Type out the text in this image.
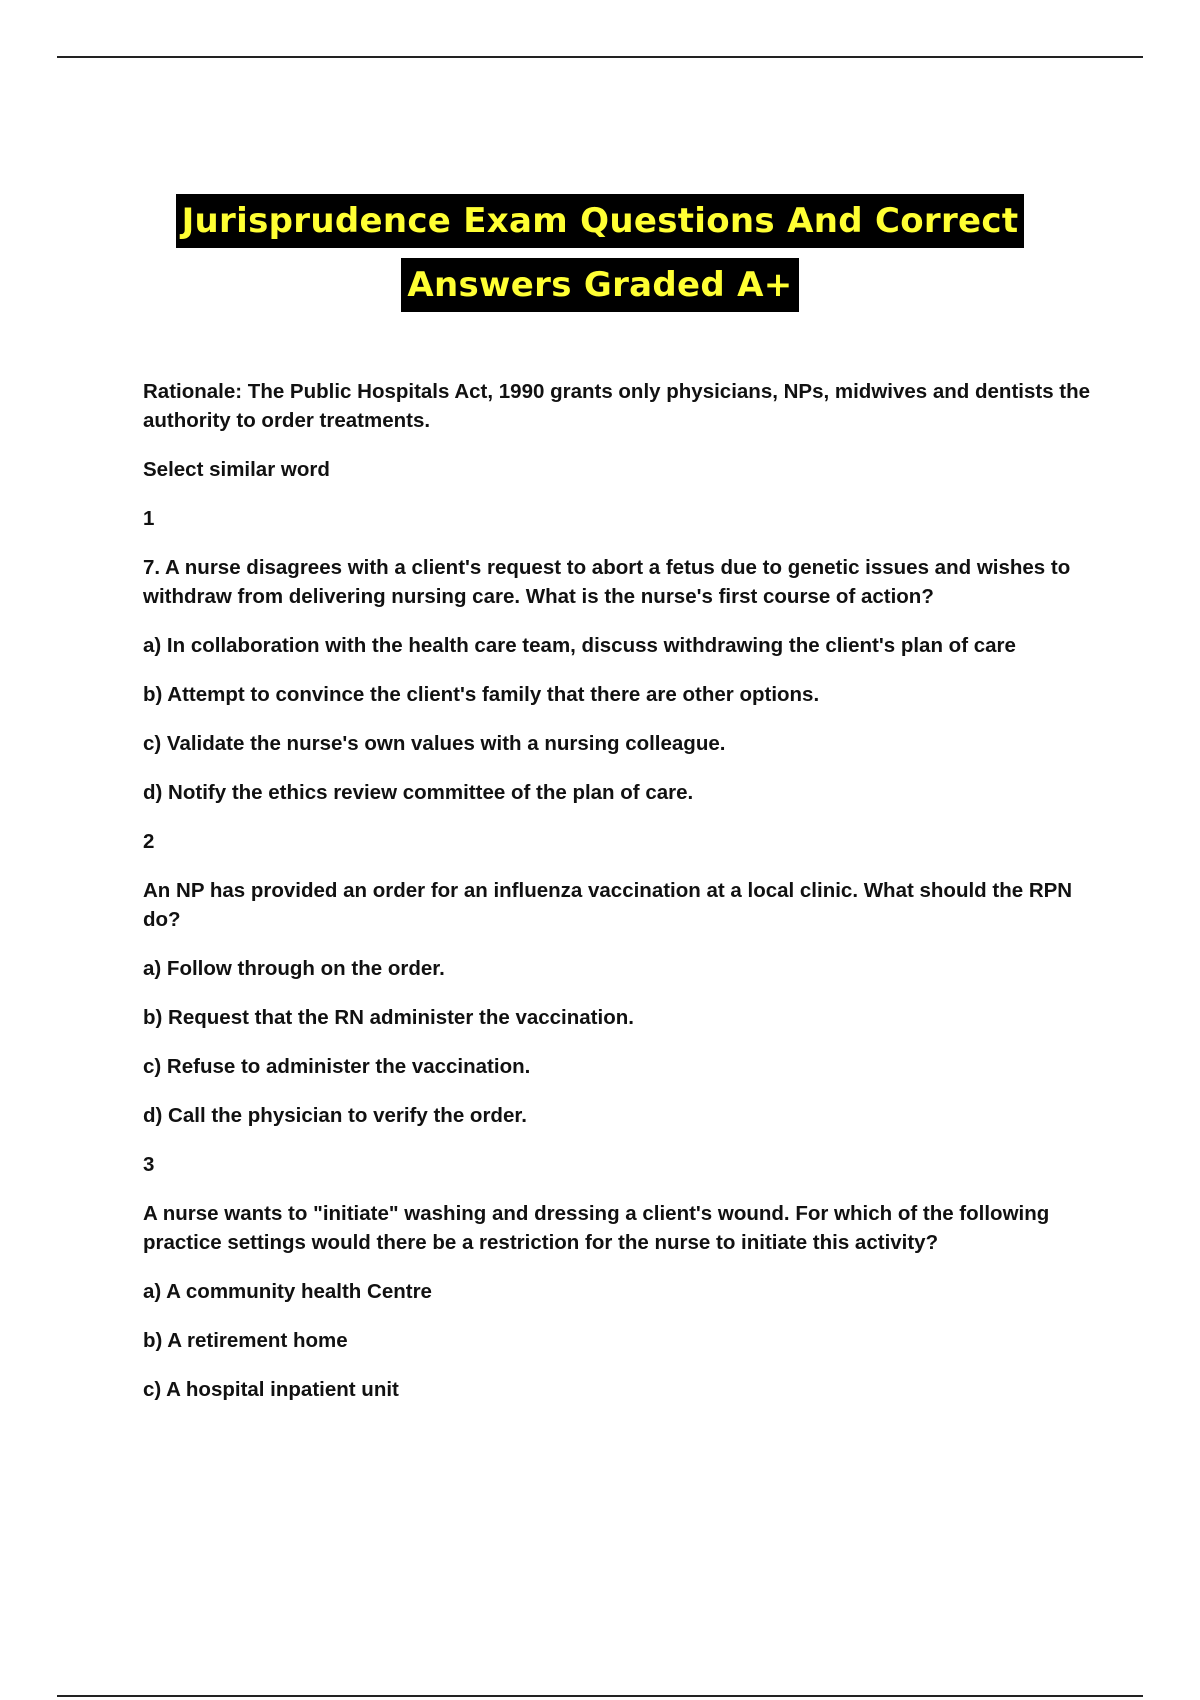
Jurisprudence Exam Questions And Correct
Answers Graded A+

Rationale: The Public Hospitals Act, 1990 grants only physicians, NPs, midwives and dentists the authority to order treatments.

Select similar word

1

7. A nurse disagrees with a client's request to abort a fetus due to genetic issues and wishes to withdraw from delivering nursing care. What is the nurse's first course of action?

a) In collaboration with the health care team, discuss withdrawing the client's plan of care

b) Attempt to convince the client's family that there are other options.

c) Validate the nurse's own values with a nursing colleague.

d) Notify the ethics review committee of the plan of care.

2

An NP has provided an order for an influenza vaccination at a local clinic. What should the RPN do?

a) Follow through on the order.

b) Request that the RN administer the vaccination.

c) Refuse to administer the vaccination.

d) Call the physician to verify the order.

3

A nurse wants to "initiate" washing and dressing a client's wound. For which of the following practice settings would there be a restriction for the nurse to initiate this activity?

a) A community health Centre

b) A retirement home

c) A hospital inpatient unit
